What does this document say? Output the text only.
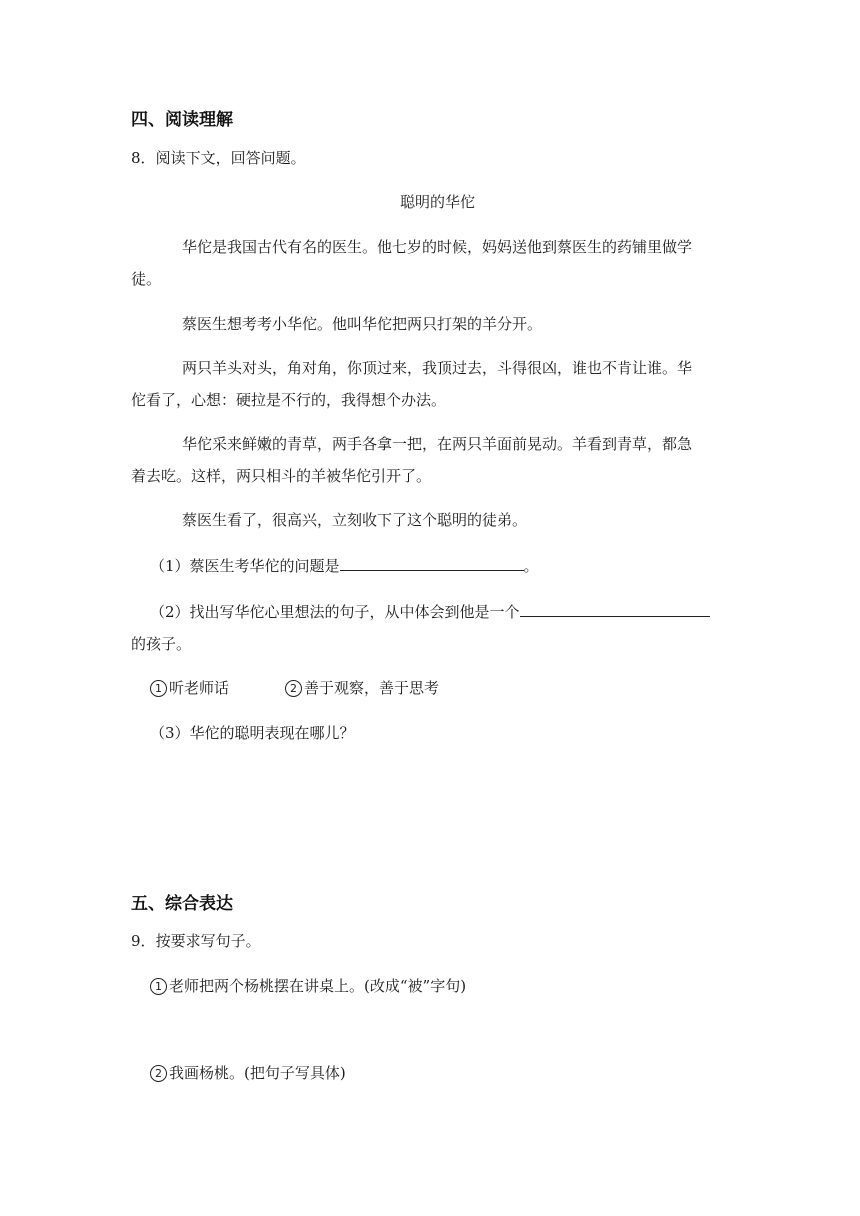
四、阅读理解
8．阅读下文，回答问题。
聪明的华佗
华佗是我国古代有名的医生。他七岁的时候，妈妈送他到蔡医生的药铺里做学
徒。
蔡医生想考考小华佗。他叫华佗把两只打架的羊分开。
两只羊头对头，角对角，你顶过来，我顶过去，斗得很凶，谁也不肯让谁。华
佗看了，心想：硬拉是不行的，我得想个办法。
华佗采来鲜嫩的青草，两手各拿一把，在两只羊面前晃动。羊看到青草，都急
着去吃。这样，两只相斗的羊被华佗引开了。
蔡医生看了，很高兴，立刻收下了这个聪明的徒弟。
（1）蔡医生考华佗的问题是	。
（2）找出写华佗心里想法的句子，从中体会到他是一个
的孩子。
1 听老师话	2 善于观察，善于思考
（3）华佗的聪明表现在哪儿？
五、综合表达
9．按要求写句子。
1 老师把两个杨桃摆在讲桌上。(改成“被”字句)
2 我画杨桃。(把句子写具体)
